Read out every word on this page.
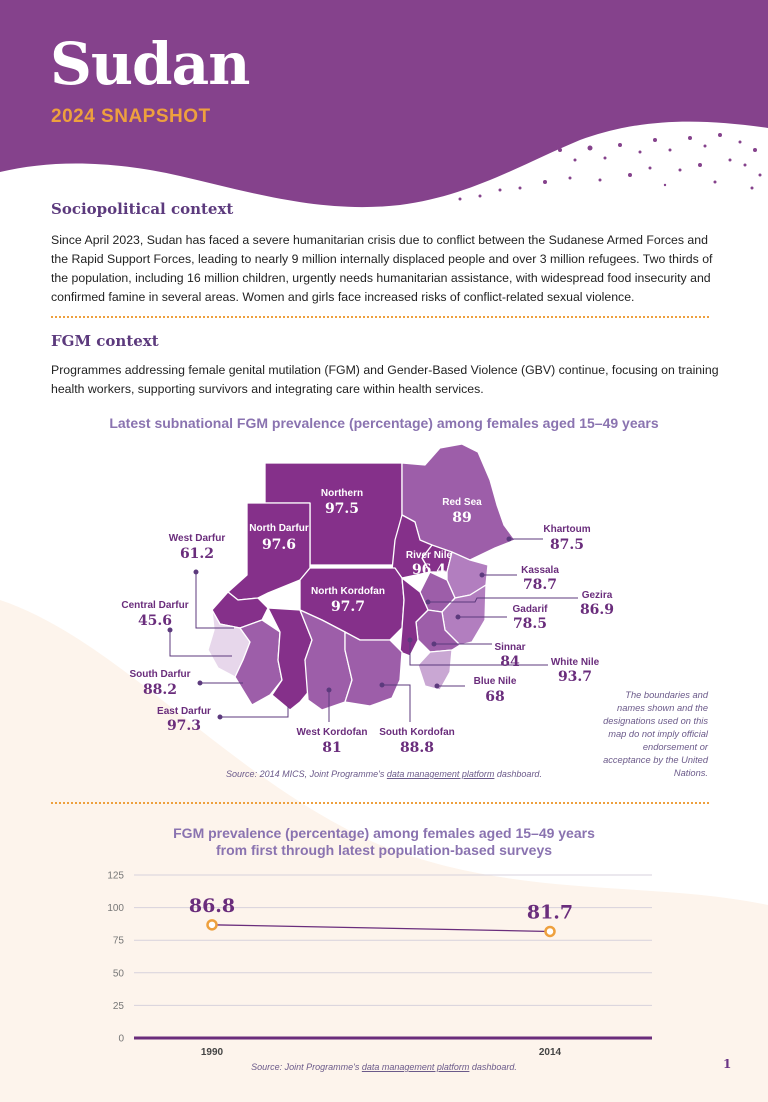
Sudan
2024 SNAPSHOT
Sociopolitical context

Since April 2023, Sudan has faced a severe humanitarian crisis due to conflict between the Sudanese Armed Forces and the Rapid Support Forces, leading to nearly 9 million internally displaced people and over 3 million refugees. Two thirds of the population, including 16 million children, urgently needs humanitarian assistance, with widespread food insecurity and confirmed famine in several areas. Women and girls face increased risks of conflict-related sexual violence.

FGM context

Programmes addressing female genital mutilation (FGM) and Gender-Based Violence (GBV) continue, focusing on training health workers, supporting survivors and integrating care within health services.

Latest subnational FGM prevalence (percentage) among females aged 15–49 years

Northern
97.5	Red Sea
89
North Darfur
97.6
West Darfur
61.2
Khartoum
87.5
River Nile
96.4	Kassala
78.7
Central Darfur
45.6
North Kordofan
97.7
Gezira
86.9
Gadarif
78.5
Sinnar
84	White Nile
93.7
South Darfur
88.2
Blue Nile
68
East Darfur
97.3	West Kordofan
81
South Kordofan
88.8
The boundaries and names shown and the designations used on this map do not imply official endorsement or acceptance by the United Nations.
Source: 2014 MICS, Joint Programme's data management platform dashboard.

FGM prevalence (percentage) among females aged 15–49 years
from first through latest population-based surveys

0
25
50
75
100
125
1990	2014
86.8	81.7
Source: Joint Programme's data management platform dashboard.	1
